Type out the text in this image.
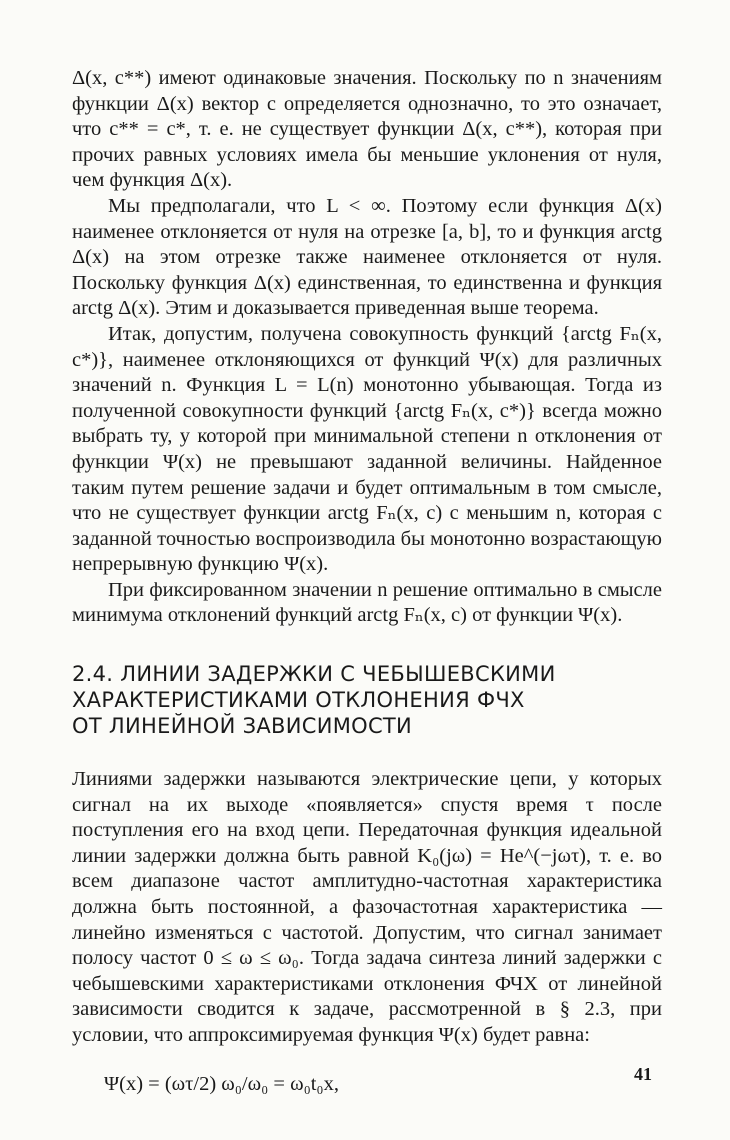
Δ(x, c**) имеют одинаковые значения. Поскольку по n значениям функции Δ(x) вектор с определяется однозначно, то это означает, что c** = c*, т. е. не существует функции Δ(x, c**), которая при прочих равных условиях имела бы меньшие уклонения от нуля, чем функция Δ(x).

Мы предполагали, что L < ∞. Поэтому если функция Δ(x) наименее отклоняется от нуля на отрезке [a, b], то и функция arctg Δ(x) на этом отрезке также наименее отклоняется от нуля. Поскольку функция Δ(x) единственная, то единственна и функция arctg Δ(x). Этим и доказывается приведенная выше теорема.

Итак, допустим, получена совокупность функций {arctg Fₙ(x, c*)}, наименее отклоняющихся от функций Ψ(x) для различных значений n. Функция L = L(n) монотонно убывающая. Тогда из полученной совокупности функций {arctg Fₙ(x, c*)} всегда можно выбрать ту, у которой при минимальной степени n отклонения от функции Ψ(x) не превышают заданной величины. Найденное таким путем решение задачи и будет оптимальным в том смысле, что не существует функции arctg Fₙ(x, c) с меньшим n, которая с заданной точностью воспроизводила бы монотонно возрастающую непрерывную функцию Ψ(x).

При фиксированном значении n решение оптимально в смысле минимума отклонений функций arctg Fₙ(x, c) от функции Ψ(x).

2.4. ЛИНИИ ЗАДЕРЖКИ С ЧЕБЫШЕВСКИМИ
ХАРАКТЕРИСТИКАМИ ОТКЛОНЕНИЯ ФЧХ
ОТ ЛИНЕЙНОЙ ЗАВИСИМОСТИ

Линиями задержки называются электрические цепи, у которых сигнал на их выходе «появляется» спустя время τ после поступления его на вход цепи. Передаточная функция идеальной линии задержки должна быть равной K₀(jω) = He^(−jωτ), т. е. во всем диапазоне частот амплитудно-частотная характеристика должна быть постоянной, а фазочастотная характеристика — линейно изменяться с частотой. Допустим, что сигнал занимает полосу частот 0 ≤ ω ≤ ω₀. Тогда задача синтеза линий задержки с чебышевскими характеристиками отклонения ФЧХ от линейной зависимости сводится к задаче, рассмотренной в § 2.3, при условии, что аппроксимируемая функция Ψ(x) будет равна:

Ψ(x) = (ωτ/2) ω₀/ω₀ = ω₀t₀x,	41
